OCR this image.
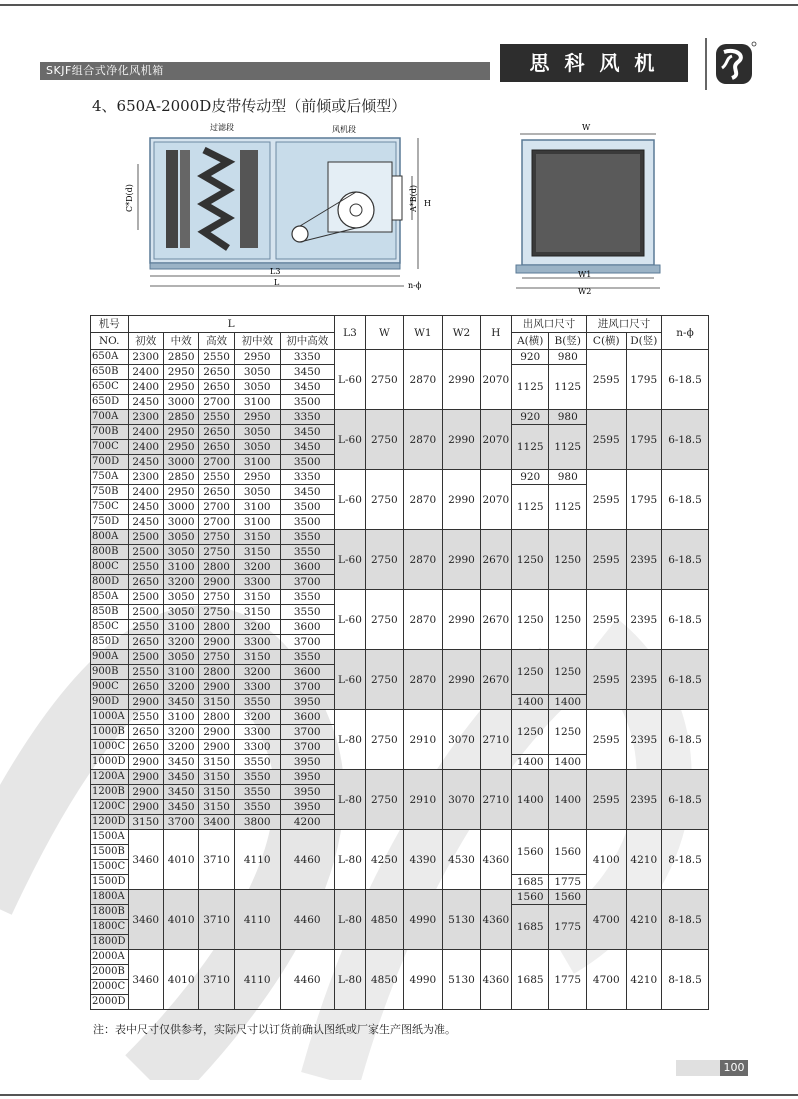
SKJF组合式净化风机箱	思 科 风 机
4、650A-2000D皮带传动型（前倾或后倾型）
C*D(d)
过滤段	风机段
A*B(d) H
L3
L	n-ϕ
W
W1
W2
机号	L					L3	W	W1	W2	H	出风口尺寸		进风口尺寸		n-ϕ
NO.	初效	中效	高效	初中效	初中高效						A(横)	B(竖)	C(横)	D(竖)	
650A	2300	2850	2550	2950	3350	L-60	2750	2870	2990	2070	920	980	2595	1795	6-18.5
650B	2400	2950	2650	3050	3450						1125	1125			
650C	2400	2950	2650	3050	3450										
650D	2450	3000	2700	3100	3500										
700A	2300	2850	2550	2950	3350	L-60	2750	2870	2990	2070	920	980	2595	1795	6-18.5
700B	2400	2950	2650	3050	3450						1125	1125			
700C	2400	2950	2650	3050	3450										
700D	2450	3000	2700	3100	3500										
750A	2300	2850	2550	2950	3350	L-60	2750	2870	2990	2070	920	980	2595	1795	6-18.5
750B	2400	2950	2650	3050	3450						1125	1125			
750C	2450	3000	2700	3100	3500										
750D	2450	3000	2700	3100	3500										
800A	2500	3050	2750	3150	3550	L-60	2750	2870	2990	2670	1250	1250	2595	2395	6-18.5
800B	2500	3050	2750	3150	3550										
800C	2550	3100	2800	3200	3600										
800D	2650	3200	2900	3300	3700										
850A	2500	3050	2750	3150	3550	L-60	2750	2870	2990	2670	1250	1250	2595	2395	6-18.5
850B	2500	3050	2750	3150	3550										
850C	2550	3100	2800	3200	3600										
850D	2650	3200	2900	3300	3700										
900A	2500	3050	2750	3150	3550	L-60	2750	2870	2990	2670	1250	1250	2595	2395	6-18.5
900B	2550	3100	2800	3200	3600										
900C	2650	3200	2900	3300	3700										
900D	2900	3450	3150	3550	3950						1400	1400			
1000A	2550	3100	2800	3200	3600	L-80	2750	2910	3070	2710	1250	1250	2595	2395	6-18.5
1000B	2650	3200	2900	3300	3700										
1000C	2650	3200	2900	3300	3700										
1000D	2900	3450	3150	3550	3950						1400	1400			
1200A	2900	3450	3150	3550	3950	L-80	2750	2910	3070	2710	1400	1400	2595	2395	6-18.5
1200B	2900	3450	3150	3550	3950										
1200C	2900	3450	3150	3550	3950										
1200D	3150	3700	3400	3800	4200										
1500A	3460	4010	3710	4110	4460	L-80	4250	4390	4530	4360	1560	1560	4100	4210	8-18.5
1500B															
1500C															
1500D											1685	1775			
1800A	3460	4010	3710	4110	4460	L-80	4850	4990	5130	4360	1560	1560	4700	4210	8-18.5
1800B											1685	1775			
1800C															
1800D															
2000A	3460	4010	3710	4110	4460	L-80	4850	4990	5130	4360	1685	1775	4700	4210	8-18.5
2000B															
2000C															
2000D															
注：表中尺寸仅供参考，实际尺寸以订货前确认图纸或厂家生产图纸为准。
100
